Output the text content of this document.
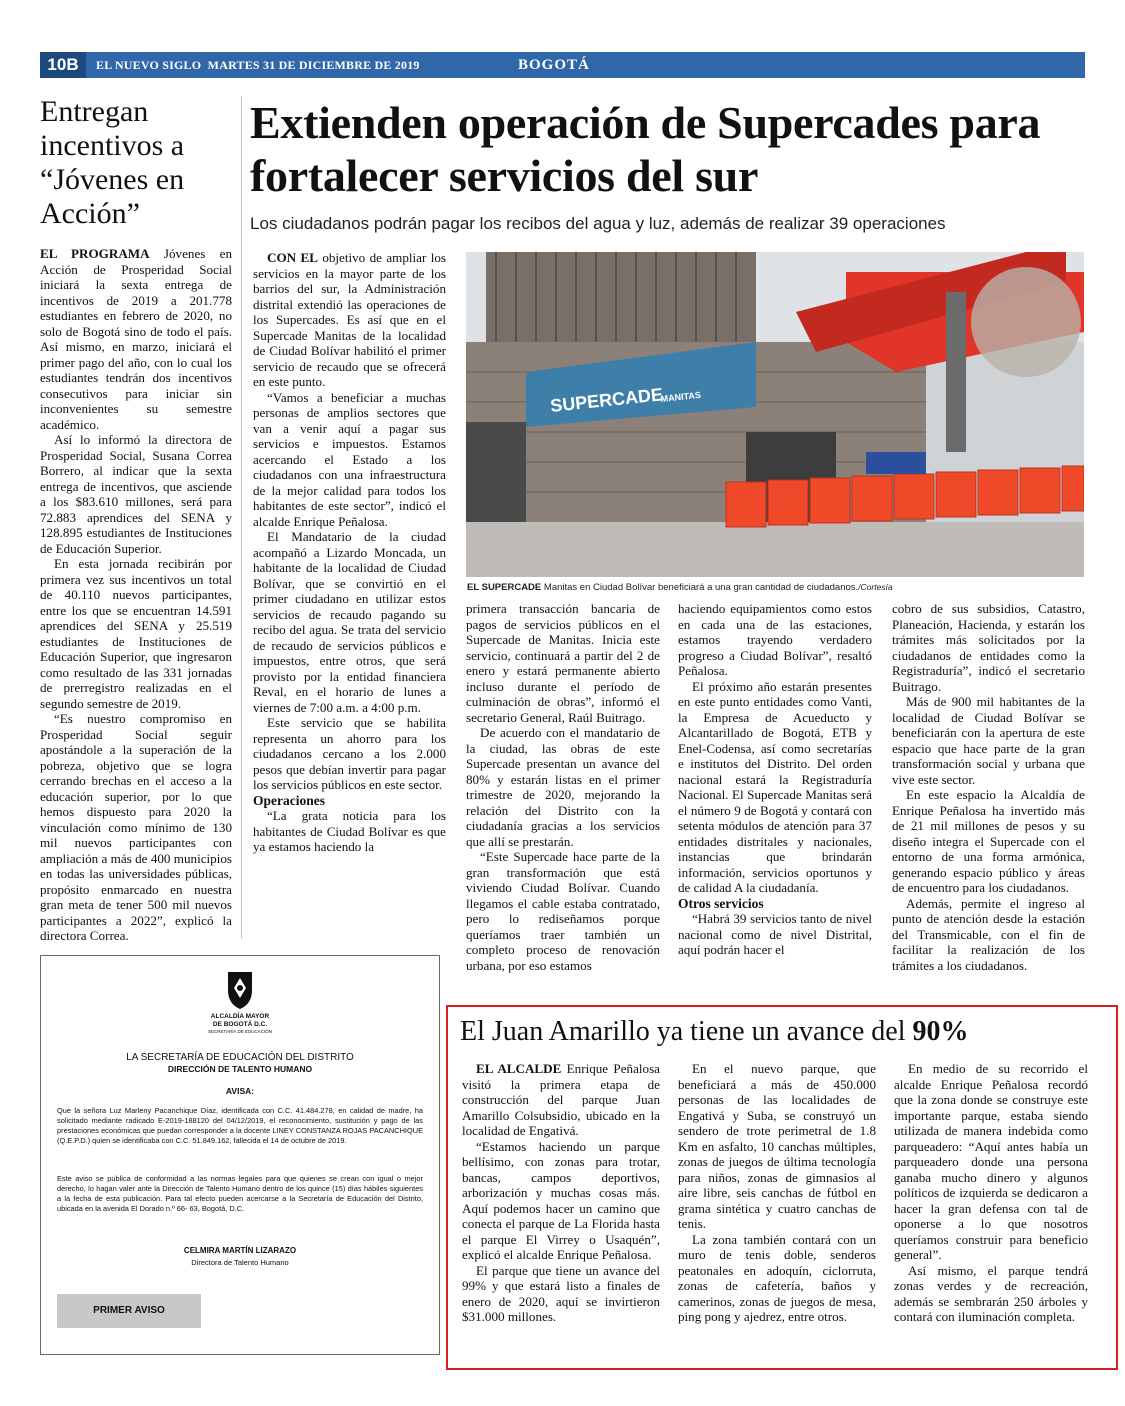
10B	EL NUEVO SIGLO MARTES 31 DE DICIEMBRE DE 2019	BOGOTÁ
Entregan incentivos a “Jóvenes en Acción”

EL PROGRAMA Jóvenes en Acción de Prosperidad Social iniciará la sexta entrega de incentivos de 2019 a 201.778 estudiantes en febrero de 2020, no solo de Bogotá sino de todo el país. Así mismo, en marzo, iniciará el primer pago del año, con lo cual los estudiantes tendrán dos incentivos consecutivos para iniciar sin inconvenientes su semestre académico.

Así lo informó la directora de Prosperidad Social, Susana Correa Borrero, al indicar que la sexta entrega de incentivos, que asciende a los $83.610 millones, será para 72.883 aprendices del SENA y 128.895 estudiantes de Instituciones de Educación Superior.

En esta jornada recibirán por primera vez sus incentivos un total de 40.110 nuevos participantes, entre los que se encuentran 14.591 aprendices del SENA y 25.519 estudiantes de Instituciones de Educación Superior, que ingresaron como resultado de las 331 jornadas de prerregistro realizadas en el segundo semestre de 2019.

“Es nuestro compromiso en Prosperidad Social seguir apostándole a la superación de la pobreza, objetivo que se logra cerrando brechas en el acceso a la educación superior, por lo que hemos dispuesto para 2020 la vinculación como mínimo de 130 mil nuevos participantes con ampliación a más de 400 municipios en todas las universidades públicas, propósito enmarcado en nuestra gran meta de tener 500 mil nuevos participantes a 2022”, explicó la directora Correa.

Extienden operación de Supercades para fortalecer servicios del sur
Los ciudadanos podrán pagar los recibos del agua y luz, además de realizar 39 operaciones

CON EL objetivo de ampliar los servicios en la mayor parte de los barrios del sur, la Administración distrital extendió las operaciones de los Supercades. Es así que en el Supercade Manitas de la localidad de Ciudad Bolívar habilitó el primer servicio de recaudo que se ofrecerá en este punto.

“Vamos a beneficiar a muchas personas de amplios sectores que van a venir aquí a pagar sus servicios e impuestos. Estamos acercando el Estado a los ciudadanos con una infraestructura de la mejor calidad para todos los habitantes de este sector”, indicó el alcalde Enrique Peñalosa.

El Mandatario de la ciudad acompañó a Lizardo Moncada, un habitante de la localidad de Ciudad Bolívar, que se convirtió en el primer ciudadano en utilizar estos servicios de recaudo pagando su recibo del agua. Se trata del servicio de recaudo de servicios públicos e impuestos, entre otros, que será provisto por la entidad financiera Reval, en el horario de lunes a viernes de 7:00 a.m. a 4:00 p.m.

Este servicio que se habilita representa un ahorro para los ciudadanos cercano a los 2.000 pesos que debían invertir para pagar los servicios públicos en este sector.

Operaciones

“La grata noticia para los habitantes de Ciudad Bolívar es que ya estamos haciendo la

SUPERCADE
MANITAS
EL SUPERCADE Manitas en Ciudad Bolívar beneficiará a una gran cantidad de ciudadanos./Cortesía

primera transacción bancaria de pagos de servicios públicos en el Supercade de Manitas. Inicia este servicio, continuará a partir del 2 de enero y estará permanente abierto incluso durante el período de culminación de obras”, informó el secretario General, Raúl Buitrago.

De acuerdo con el mandatario de la ciudad, las obras de este Supercade presentan un avance del 80% y estarán listas en el primer trimestre de 2020, mejorando la relación del Distrito con la ciudadanía gracias a los servicios que allí se prestarán.

“Este Supercade hace parte de la gran transformación que está viviendo Ciudad Bolívar. Cuando llegamos el cable estaba contratado, pero lo rediseñamos porque queríamos traer también un completo proceso de renovación urbana, por eso estamos

haciendo equipamientos como estos en cada una de las estaciones, estamos trayendo verdadero progreso a Ciudad Bolívar”, resaltó Peñalosa.

El próximo año estarán presentes en este punto entidades como Vanti, la Empresa de Acueducto y Alcantarillado de Bogotá, ETB y Enel-Codensa, así como secretarías e institutos del Distrito. Del orden nacional estará la Registraduría Nacional. El Supercade Manitas será el número 9 de Bogotá y contará con setenta módulos de atención para 37 entidades distritales y nacionales, instancias que brindarán información, servicios oportunos y de calidad A la ciudadanía.

Otros servicios

“Habrá 39 servicios tanto de nivel nacional como de nivel Distrital, aquí podrán hacer el

cobro de sus subsidios, Catastro, Planeación, Hacienda, y estarán los trámites más solicitados por la ciudadanos de entidades como la Registraduría”, indicó el secretario Buitrago.

Más de 900 mil habitantes de la localidad de Ciudad Bolívar se beneficiarán con la apertura de este espacio que hace parte de la gran transformación social y urbana que vive este sector.

En este espacio la Alcaldía de Enrique Peñalosa ha invertido más de 21 mil millones de pesos y su diseño integra el Supercade con el entorno de una forma armónica, generando espacio público y áreas de encuentro para los ciudadanos.

Además, permite el ingreso al punto de atención desde la estación del Transmicable, con el fin de facilitar la realización de los trámites a los ciudadanos.

ALCALDÍA MAYOR
DE BOGOTÁ D.C.
SECRETARÍA DE EDUCACIÓN
LA SECRETARÍA DE EDUCACIÓN DEL DISTRITO
DIRECCIÓN DE TALENTO HUMANO
AVISA:
Que la señora Luz Marleny Pacanchique Díaz, identificada con C.C. 41.484.278, en calidad de madre, ha solicitado mediante radicado E-2019-188120 del 04/12/2019, el reconocimiento, sustitución y pago de las prestaciones económicas que puedan corresponder a la docente LINEY CONSTANZA ROJAS PACANCHIQUE (Q.E.P.D.) quien se identificaba con C.C. 51.849.162, fallecida el 14 de octubre de 2019.
Este aviso se publica de conformidad a las normas legales para que quienes se crean con igual o mejor derecho, lo hagan valer ante la Dirección de Talento Humano dentro de los quince (15) días hábiles siguientes a la fecha de esta publicación. Para tal efecto pueden acercarse a la Secretaría de Educación del Distrito, ubicada en la avenida El Dorado n.º 66- 63, Bogotá, D.C.
CELMIRA MARTÍN LIZARAZO
Directora de Talento Humano
PRIMER AVISO
El Juan Amarillo ya tiene un avance del 90%

EL ALCALDE Enrique Peñalosa visitó la primera etapa de construcción del parque Juan Amarillo Colsubsidio, ubicado en la localidad de Engativá.

“Estamos haciendo un parque bellísimo, con zonas para trotar, bancas, campos deportivos, arborización y muchas cosas más. Aquí podemos hacer un camino que conecta el parque de La Florida hasta el parque El Virrey o Usaquén”, explicó el alcalde Enrique Peñalosa.

El parque que tiene un avance del 99% y que estará listo a finales de enero de 2020, aquí se invirtieron $31.000 millones.

En el nuevo parque, que beneficiará a más de 450.000 personas de las localidades de Engativá y Suba, se construyó un sendero de trote perimetral de 1.8 Km en asfalto, 10 canchas múltiples, zonas de juegos de última tecnología para niños, zonas de gimnasios al aire libre, seis canchas de fútbol en grama sintética y cuatro canchas de tenis.

La zona también contará con un muro de tenis doble, senderos peatonales en adoquín, ciclorruta, zonas de cafetería, baños y camerinos, zonas de juegos de mesa, ping pong y ajedrez, entre otros.

En medio de su recorrido el alcalde Enrique Peñalosa recordó que la zona donde se construye este importante parque, estaba siendo utilizada de manera indebida como parqueadero: “Aquí antes había un parqueadero donde una persona ganaba mucho dinero y algunos políticos de izquierda se dedicaron a hacer la gran defensa con tal de oponerse a lo que nosotros queríamos construir para beneficio general”.

Así mismo, el parque tendrá zonas verdes y de recreación, además se sembrarán 250 árboles y contará con iluminación completa.
